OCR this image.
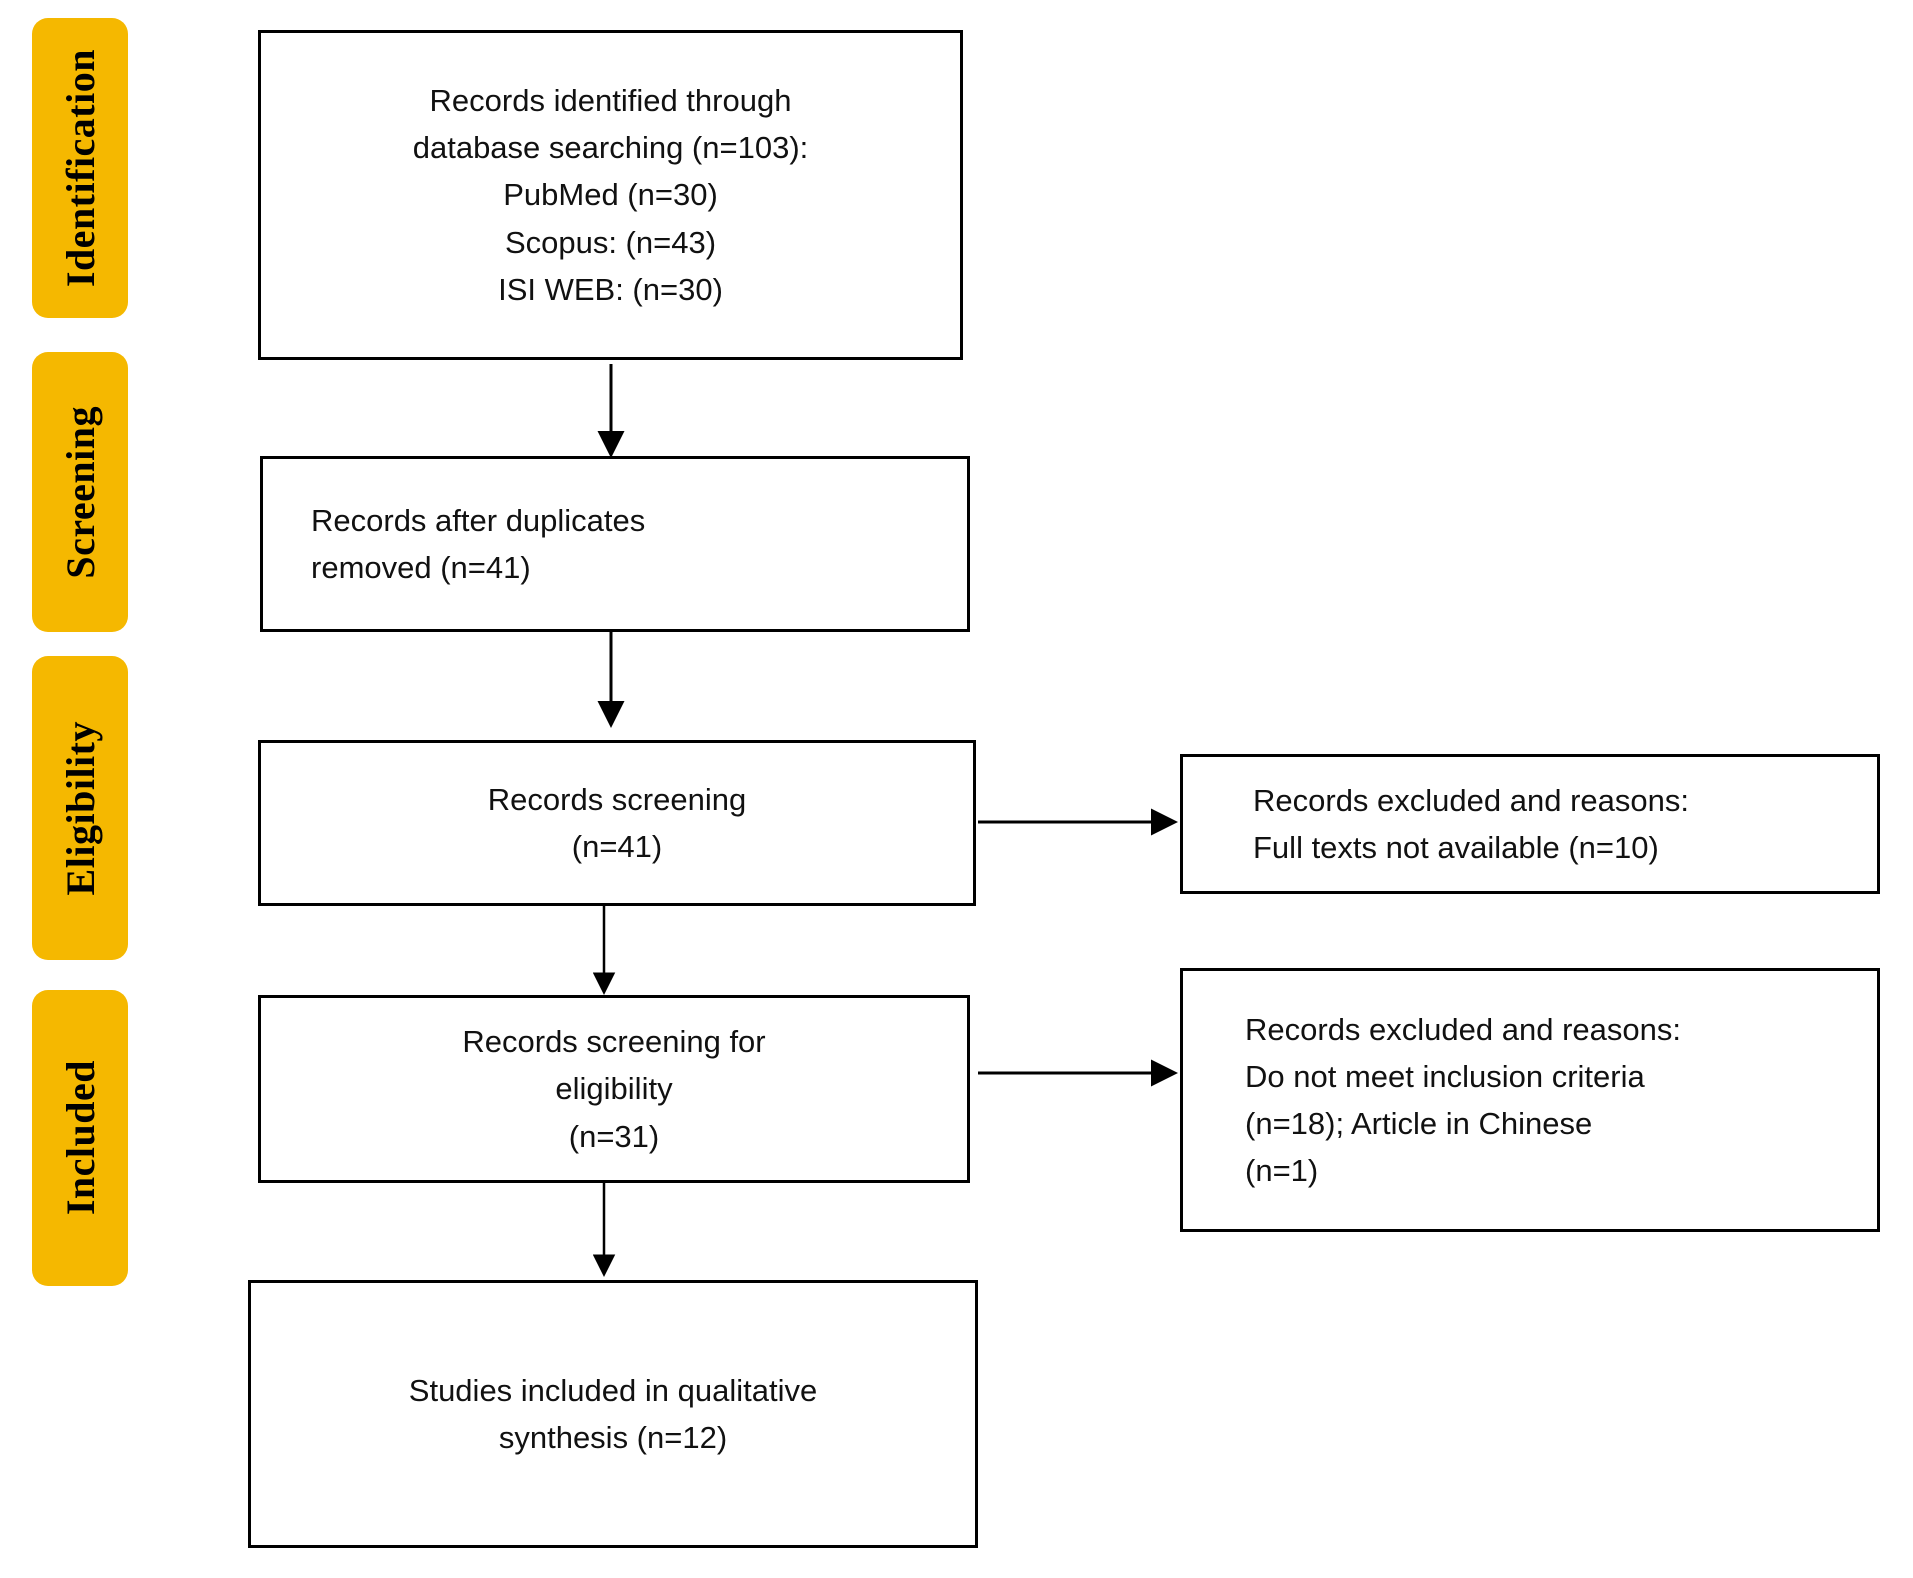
Identification
Screening
Eligibility
Included
Records identified through
database searching (n=103):
PubMed (n=30)
Scopus: (n=43)
ISI WEB: (n=30)
Records after duplicates
removed (n=41)
Records screening
(n=41)
Records excluded and reasons:
Full texts not available (n=10)
Records screening for
eligibility
(n=31)
Records excluded and reasons:
Do not meet inclusion criteria
(n=18); Article in Chinese
(n=1)
Studies included in qualitative
synthesis (n=12)
